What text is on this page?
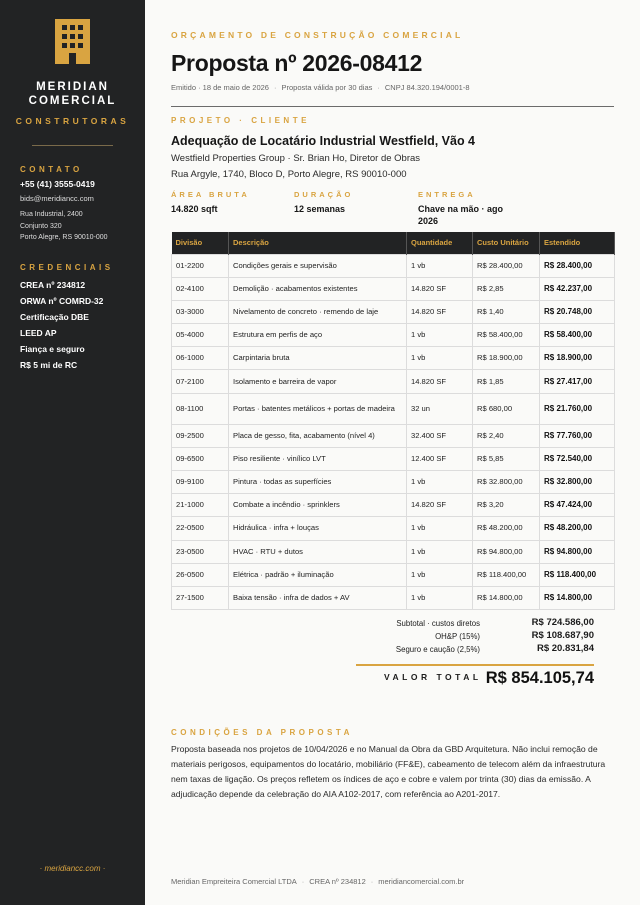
MERIDIAN
COMERCIAL
CONSTRUTORAS
CONTATO
+55 (41) 3555-0419
bids@meridiancc.com
Rua Industrial, 2400
Conjunto 320
Porto Alegre, RS 90010-000
CREDENCIAIS
CREA nº 234812
ORWA nº COMRD-32
Certificação DBE
LEED AP
Fiança e seguro
R$ 5 mi de RC
· meridiancc.com ·
ORÇAMENTO DE CONSTRUÇÃO COMERCIAL
Proposta nº 2026-08412
Emitido · 18 de maio de 2026 · Proposta válida por 30 dias · CNPJ 84.320.194/0001-8
PROJETO · CLIENTE
Adequação de Locatário Industrial Westfield, Vão 4
Westfield Properties Group · Sr. Brian Ho, Diretor de Obras
Rua Argyle, 1740, Bloco D, Porto Alegre, RS 90010-000
ÁREA BRUTA
14.820 sqft
DURAÇÃO
12 semanas
ENTREGA
Chave na mão · ago 2026
Divisão	Descrição	Quantidade	Custo Unitário	Estendido
01-2200	Condições gerais e supervisão	1 vb	R$ 28.400,00	R$ 28.400,00
02-4100	Demolição · acabamentos existentes	14.820 SF	R$ 2,85	R$ 42.237,00
03-3000	Nivelamento de concreto · remendo de laje	14.820 SF	R$ 1,40	R$ 20.748,00
05-4000	Estrutura em perfis de aço	1 vb	R$ 58.400,00	R$ 58.400,00
06-1000	Carpintaria bruta	1 vb	R$ 18.900,00	R$ 18.900,00
07-2100	Isolamento e barreira de vapor	14.820 SF	R$ 1,85	R$ 27.417,00
08-1100	Portas · batentes metálicos + portas de madeira	32 un	R$ 680,00	R$ 21.760,00
09-2500	Placa de gesso, fita, acabamento (nível 4)	32.400 SF	R$ 2,40	R$ 77.760,00
09-6500	Piso resiliente · vinílico LVT	12.400 SF	R$ 5,85	R$ 72.540,00
09-9100	Pintura · todas as superfícies	1 vb	R$ 32.800,00	R$ 32.800,00
21-1000	Combate a incêndio · sprinklers	14.820 SF	R$ 3,20	R$ 47.424,00
22-0500	Hidráulica · infra + louças	1 vb	R$ 48.200,00	R$ 48.200,00
23-0500	HVAC · RTU + dutos	1 vb	R$ 94.800,00	R$ 94.800,00
26-0500	Elétrica · padrão + iluminação	1 vb	R$ 118.400,00	R$ 118.400,00
27-1500	Baixa tensão · infra de dados + AV	1 vb	R$ 14.800,00	R$ 14.800,00
Subtotal · custos diretos	R$ 724.586,00
OH&P (15%)	R$ 108.687,90
Seguro e caução (2,5%)	R$ 20.831,84
VALOR TOTAL R$ 854.105,74
CONDIÇÕES DA PROPOSTA
Proposta baseada nos projetos de 10/04/2026 e no Manual da Obra da GBD Arquitetura. Não inclui remoção de materiais perigosos, equipamentos do locatário, mobiliário (FF&E), cabeamento de telecom além da infraestrutura nem taxas de ligação. Os preços refletem os índices de aço e cobre e valem por trinta (30) dias da emissão. A adjudicação depende da celebração do AIA A102-2017, com referência ao A201-2017.
Meridian Empreiteira Comercial LTDA · CREA nº 234812 · meridiancomercial.com.br
